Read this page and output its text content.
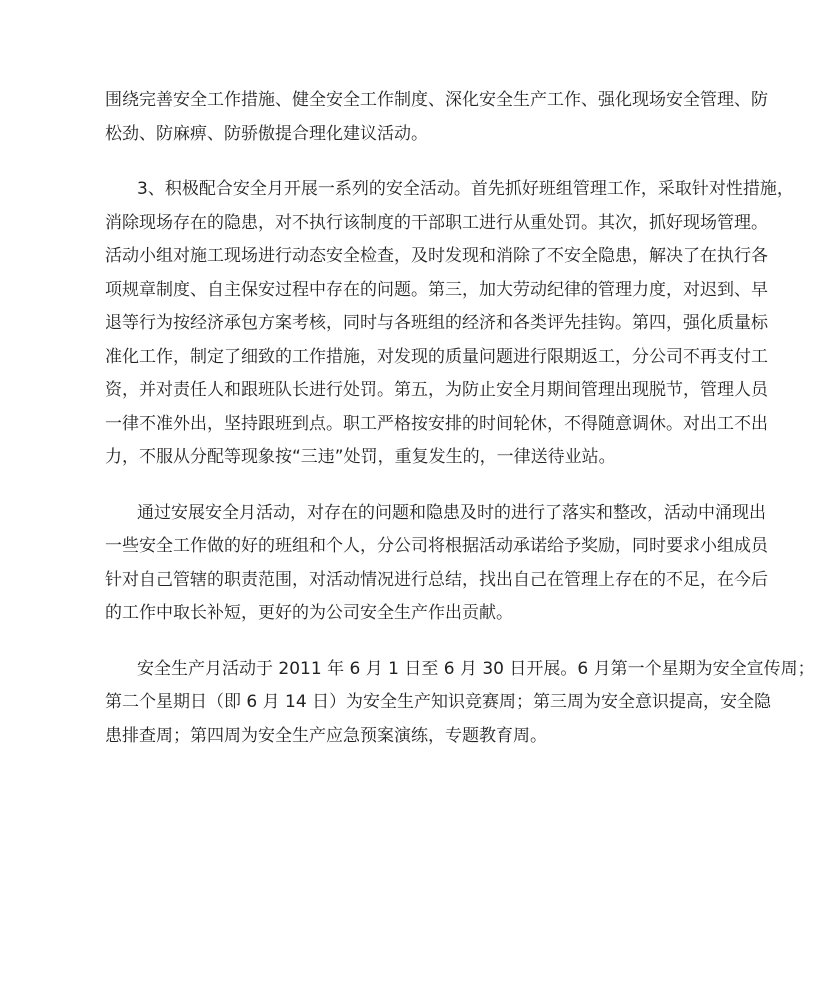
围绕完善安全工作措施、健全安全工作制度、深化安全生产工作、强化现场安全管理、防
松劲、防麻痹、防骄傲提合理化建议活动。
3、积极配合安全月开展一系列的安全活动。首先抓好班组管理工作，采取针对性措施，
消除现场存在的隐患，对不执行该制度的干部职工进行从重处罚。其次，抓好现场管理。
活动小组对施工现场进行动态安全检查，及时发现和消除了不安全隐患，解决了在执行各
项规章制度、自主保安过程中存在的问题。第三，加大劳动纪律的管理力度，对迟到、早
退等行为按经济承包方案考核，同时与各班组的经济和各类评先挂钩。第四，强化质量标
准化工作，制定了细致的工作措施，对发现的质量问题进行限期返工，分公司不再支付工
资，并对责任人和跟班队长进行处罚。第五，为防止安全月期间管理出现脱节，管理人员
一律不准外出，坚持跟班到点。职工严格按安排的时间轮休，不得随意调休。对出工不出
力，不服从分配等现象按“三违”处罚，重复发生的，一律送待业站。
通过安展安全月活动，对存在的问题和隐患及时的进行了落实和整改，活动中涌现出
一些安全工作做的好的班组和个人，分公司将根据活动承诺给予奖励，同时要求小组成员
针对自己管辖的职责范围，对活动情况进行总结，找出自己在管理上存在的不足，在今后
的工作中取长补短，更好的为公司安全生产作出贡献。
安全生产月活动于 2011 年 6 月 1 日至 6 月 30 日开展。6 月第一个星期为安全宣传周；
第二个星期日（即 6 月 14 日）为安全生产知识竞赛周；第三周为安全意识提高，安全隐
患排查周；第四周为安全生产应急预案演练，专题教育周。
